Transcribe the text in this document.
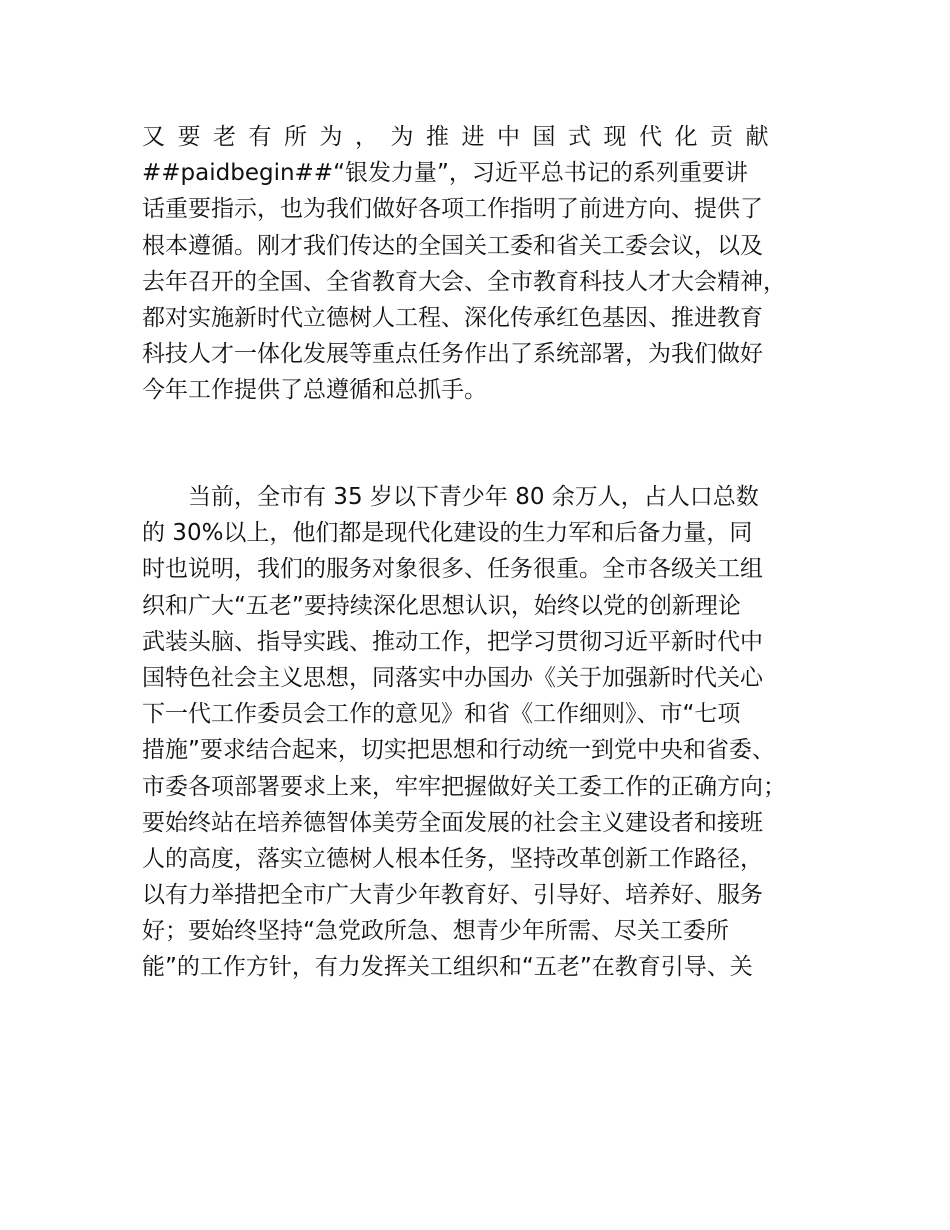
又要老有所为，为推进中国式现代化贡献
##paidbegin##“银发力量”，习近平总书记的系列重要讲
话重要指示，也为我们做好各项工作指明了前进方向、提供了
根本遵循。刚才我们传达的全国关工委和省关工委会议，以及
去年召开的全国、全省教育大会、全市教育科技人才大会精神，
都对实施新时代立德树人工程、深化传承红色基因、推进教育
科技人才一体化发展等重点任务作出了系统部署，为我们做好
今年工作提供了总遵循和总抓手。
当前，全市有 35 岁以下青少年 80 余万人，占人口总数
的 30%以上，他们都是现代化建设的生力军和后备力量，同
时也说明，我们的服务对象很多、任务很重。全市各级关工组
织和广大“五老”要持续深化思想认识，始终以党的创新理论
武装头脑、指导实践、推动工作，把学习贯彻习近平新时代中
国特色社会主义思想，同落实中办国办《关于加强新时代关心
下一代工作委员会工作的意见》和省《工作细则》、市“七项
措施”要求结合起来，切实把思想和行动统一到党中央和省委、
市委各项部署要求上来，牢牢把握做好关工委工作的正确方向；
要始终站在培养德智体美劳全面发展的社会主义建设者和接班
人的高度，落实立德树人根本任务，坚持改革创新工作路径，
以有力举措把全市广大青少年教育好、引导好、培养好、服务
好；要始终坚持“急党政所急、想青少年所需、尽关工委所
能”的工作方针，有力发挥关工组织和“五老”在教育引导、关
